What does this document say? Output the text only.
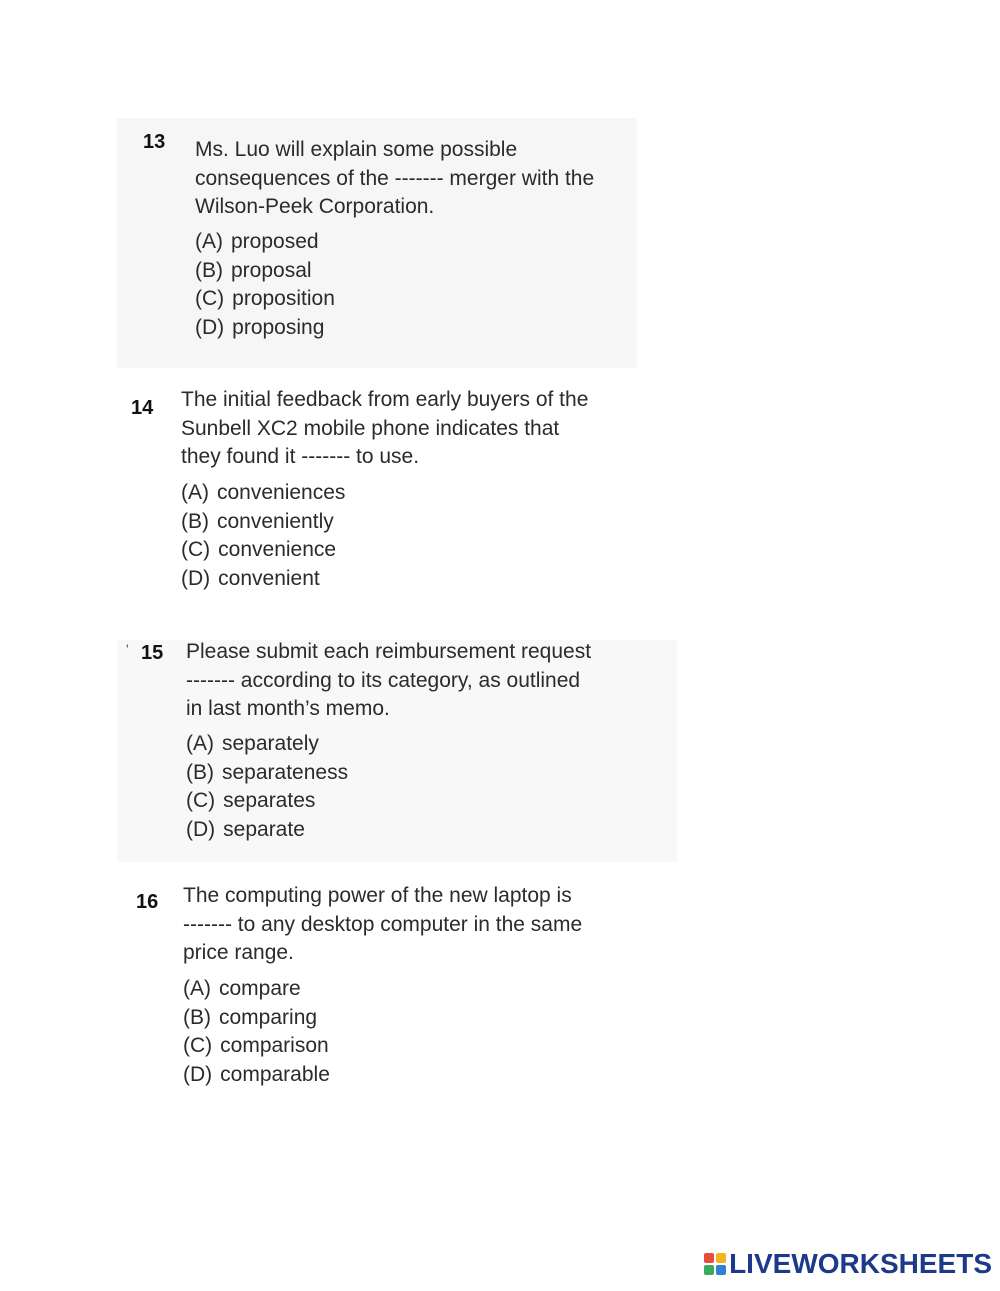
13 Ms. Luo will explain some possible
consequences of the ------- merger with the
Wilson-Peek Corporation.
(A) proposed
(B) proposal
(C) proposition
(D) proposing
14 The initial feedback from early buyers of the
Sunbell XC2 mobile phone indicates that
they found it ------- to use.
(A) conveniences
(B) conveniently
(C) convenience
(D) convenient
' 15 Please submit each reimbursement request
------- according to its category, as outlined
in last month’s memo.
(A) separately
(B) separateness
(C) separates
(D) separate
16 The computing power of the new laptop is
------- to any desktop computer in the same
price range.
(A) compare
(B) comparing
(C) comparison
(D) comparable
LIVEWORKSHEETS
